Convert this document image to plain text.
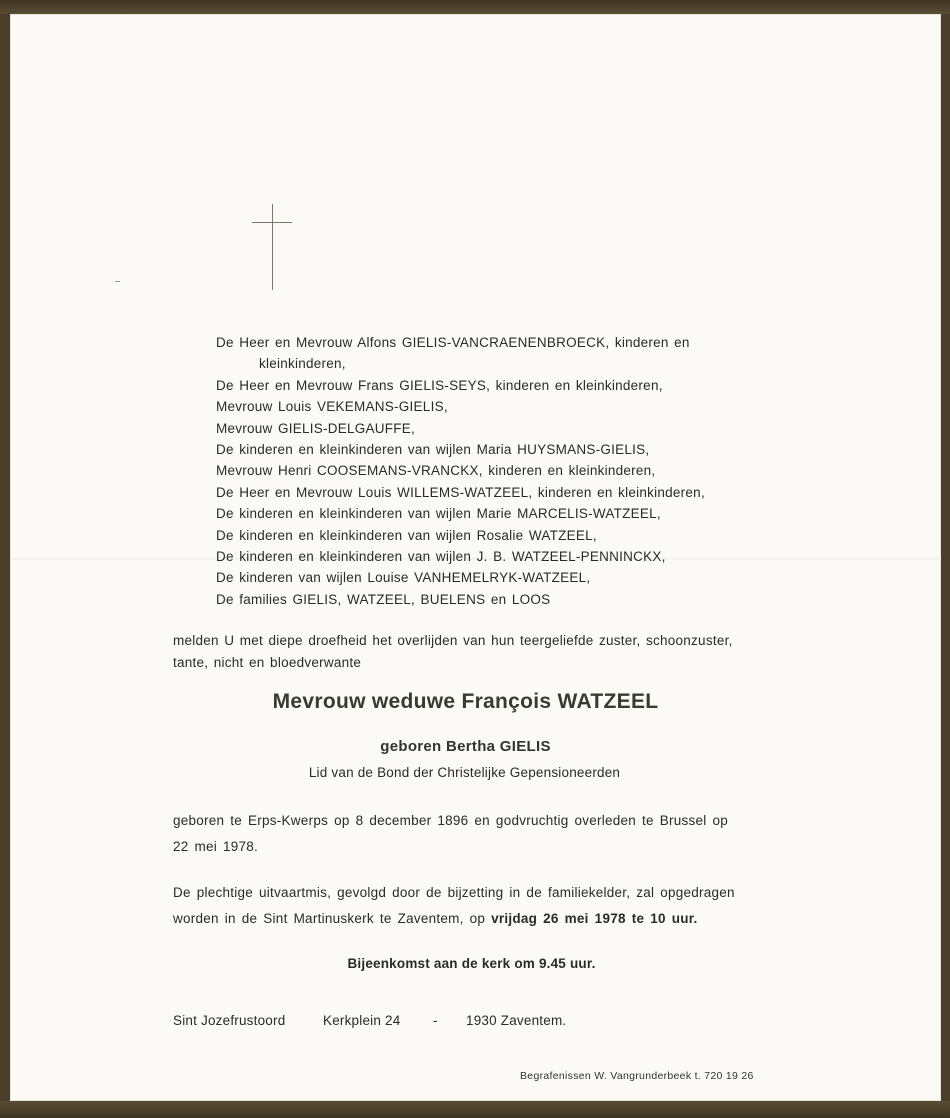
De Heer en Mevrouw Alfons GIELIS-VANCRAENENBROECK, kinderen en
kleinkinderen,
De Heer en Mevrouw Frans GIELIS-SEYS, kinderen en kleinkinderen,
Mevrouw Louis VEKEMANS-GIELIS,
Mevrouw GIELIS-DELGAUFFE,
De kinderen en kleinkinderen van wijlen Maria HUYSMANS-GIELIS,
Mevrouw Henri COOSEMANS-VRANCKX, kinderen en kleinkinderen,
De Heer en Mevrouw Louis WILLEMS-WATZEEL, kinderen en kleinkinderen,
De kinderen en kleinkinderen van wijlen Marie MARCELIS-WATZEEL,
De kinderen en kleinkinderen van wijlen Rosalie WATZEEL,
De kinderen en kleinkinderen van wijlen J. B. WATZEEL-PENNINCKX,
De kinderen van wijlen Louise VANHEMELRYK-WATZEEL,
De families GIELIS, WATZEEL, BUELENS en LOOS
melden U met diepe droefheid het overlijden van hun teergeliefde zuster, schoonzuster,
tante, nicht en bloedverwante
Mevrouw weduwe François WATZEEL
geboren Bertha GIELIS
Lid van de Bond der Christelijke Gepensioneerden
geboren te Erps-Kwerps op 8 december 1896 en godvruchtig overleden te Brussel op
22 mei 1978.
De plechtige uitvaartmis, gevolgd door de bijzetting in de familiekelder, zal opgedragen
worden in de Sint Martinuskerk te Zaventem, op vrijdag 26 mei 1978 te 10 uur.
Bijeenkomst aan de kerk om 9.45 uur.
Sint Jozefrustoord	Kerkplein 24 - 1930 Zaventem.
Begrafenissen W. Vangrunderbeek t. 720 19 26
